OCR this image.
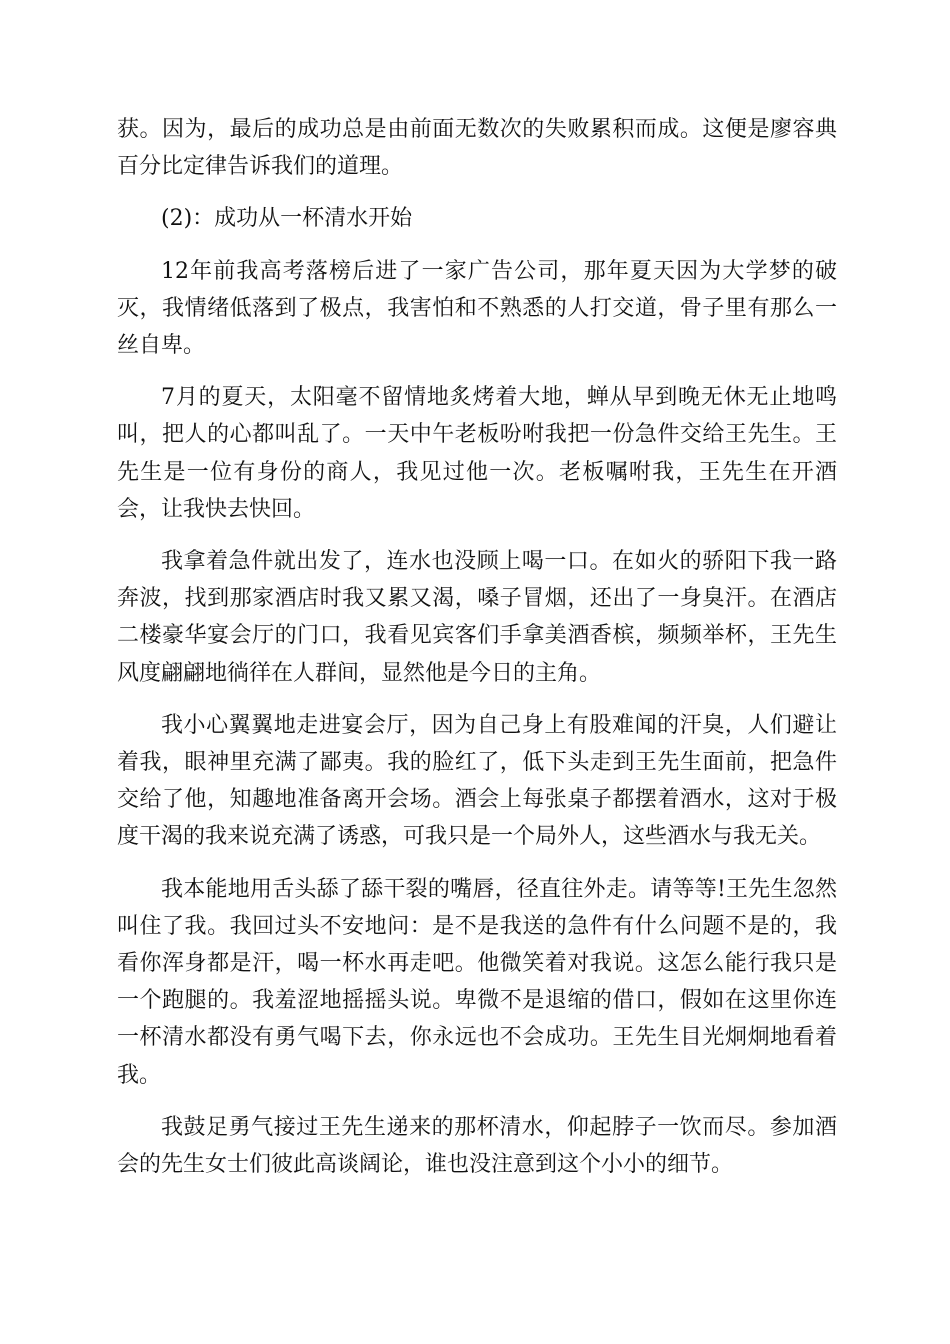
获。因为，最后的成功总是由前面无数次的失败累积而成。这便是廖容典百分比定律告诉我们的道理。

(2)：成功从一杯清水开始

12年前我高考落榜后进了一家广告公司，那年夏天因为大学梦的破灭，我情绪低落到了极点，我害怕和不熟悉的人打交道，骨子里有那么一丝自卑。

7月的夏天，太阳毫不留情地炙烤着大地，蝉从早到晚无休无止地鸣叫，把人的心都叫乱了。一天中午老板吩咐我把一份急件交给王先生。王先生是一位有身份的商人，我见过他一次。老板嘱咐我，王先生在开酒会，让我快去快回。

我拿着急件就出发了，连水也没顾上喝一口。在如火的骄阳下我一路奔波，找到那家酒店时我又累又渴，嗓子冒烟，还出了一身臭汗。在酒店二楼豪华宴会厅的门口，我看见宾客们手拿美酒香槟，频频举杯，王先生风度翩翩地徜徉在人群间，显然他是今日的主角。

我小心翼翼地走进宴会厅，因为自己身上有股难闻的汗臭，人们避让着我，眼神里充满了鄙夷。我的脸红了，低下头走到王先生面前，把急件交给了他，知趣地准备离开会场。酒会上每张桌子都摆着酒水，这对于极度干渴的我来说充满了诱惑，可我只是一个局外人，这些酒水与我无关。

我本能地用舌头舔了舔干裂的嘴唇，径直往外走。请等等!王先生忽然叫住了我。我回过头不安地问：是不是我送的急件有什么问题不是的，我看你浑身都是汗，喝一杯水再走吧。他微笑着对我说。这怎么能行我只是一个跑腿的。我羞涩地摇摇头说。卑微不是退缩的借口，假如在这里你连一杯清水都没有勇气喝下去，你永远也不会成功。王先生目光炯炯地看着我。

我鼓足勇气接过王先生递来的那杯清水，仰起脖子一饮而尽。参加酒会的先生女士们彼此高谈阔论，谁也没注意到这个小小的细节。
